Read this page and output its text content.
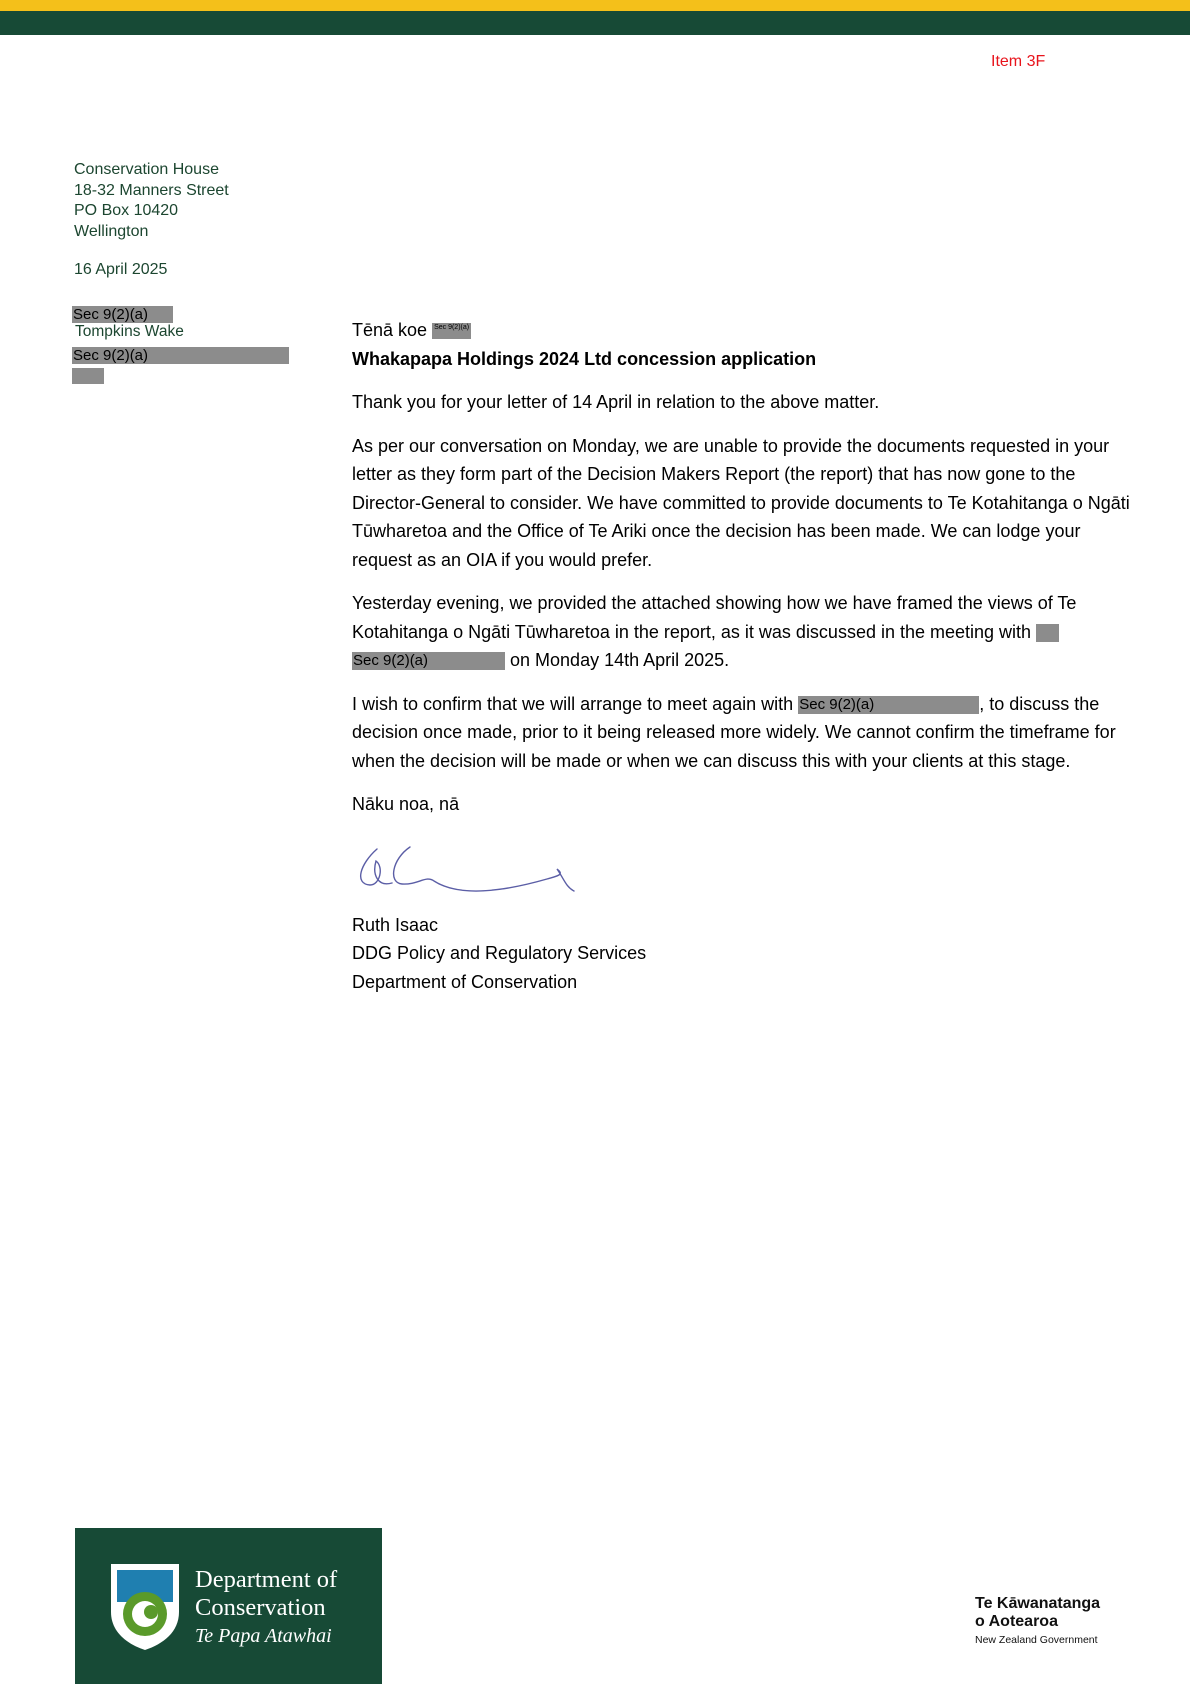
Item 3F
Conservation House
18-32 Manners Street
PO Box 10420
Wellington
16 April 2025
Sec 9(2)(a)
Tompkins Wake
Sec 9(2)(a)

Tēnā koe Sec 9(2)(a)

Whakapapa Holdings 2024 Ltd concession application

Thank you for your letter of 14 April in relation to the above matter.

As per our conversation on Monday, we are unable to provide the documents requested in your letter as they form part of the Decision Makers Report (the report) that has now gone to the Director-General to consider. We have committed to provide documents to Te Kotahitanga o Ngāti Tūwharetoa and the Office of Te Ariki once the decision has been made. We can lodge your request as an OIA if you would prefer.

Yesterday evening, we provided the attached showing how we have framed the views of Te Kotahitanga o Ngāti Tūwharetoa in the report, as it was discussed in the meeting with  Sec 9(2)(a)	on Monday 14th April 2025.

I wish to confirm that we will arrange to meet again with Sec 9(2)(a)	, to discuss the decision once made, prior to it being released more widely. We cannot confirm the timeframe for when the decision will be made or when we can discuss this with your clients at this stage.

Nāku noa, nā

Ruth Isaac

DDG Policy and Regulatory Services

Department of Conservation

Department of
Conservation
Te Papa Atawhai
Te Kāwanatanga
o Aotearoa
New Zealand Government
